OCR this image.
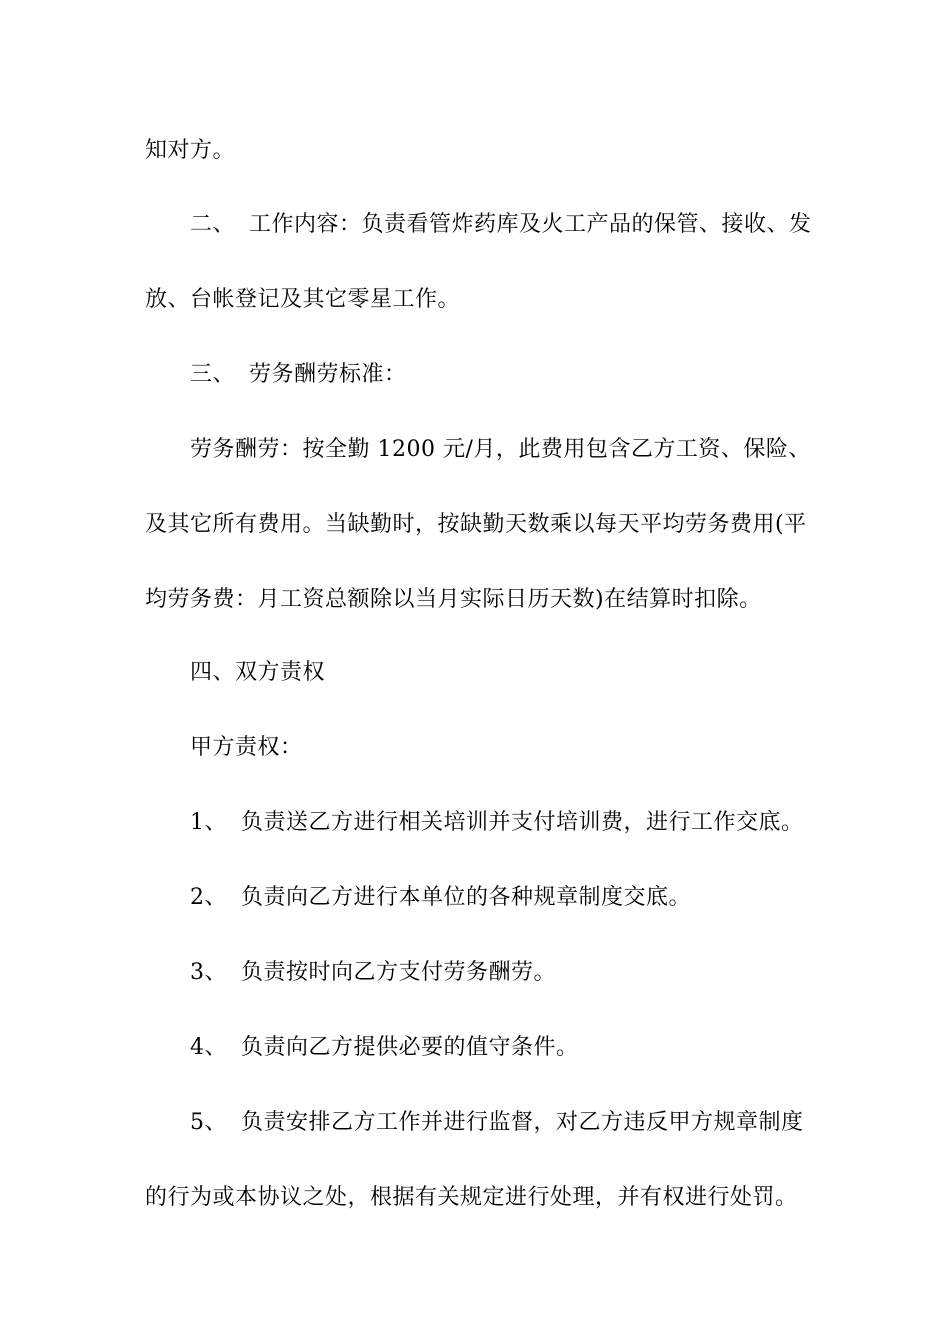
知对方。
二、 工作内容：负责看管炸药库及火工产品的保管、接收、发
放、台帐登记及其它零星工作。
三、 劳务酬劳标准：
劳务酬劳：按全勤 1200 元/月，此费用包含乙方工资、保险、
及其它所有费用。当缺勤时，按缺勤天数乘以每天平均劳务费用(平
均劳务费：月工资总额除以当月实际日历天数)在结算时扣除。
四、双方责权
甲方责权：
1、 负责送乙方进行相关培训并支付培训费，进行工作交底。
2、 负责向乙方进行本单位的各种规章制度交底。
3、 负责按时向乙方支付劳务酬劳。
4、 负责向乙方提供必要的值守条件。
5、 负责安排乙方工作并进行监督，对乙方违反甲方规章制度
的行为或本协议之处，根据有关规定进行处理，并有权进行处罚。
